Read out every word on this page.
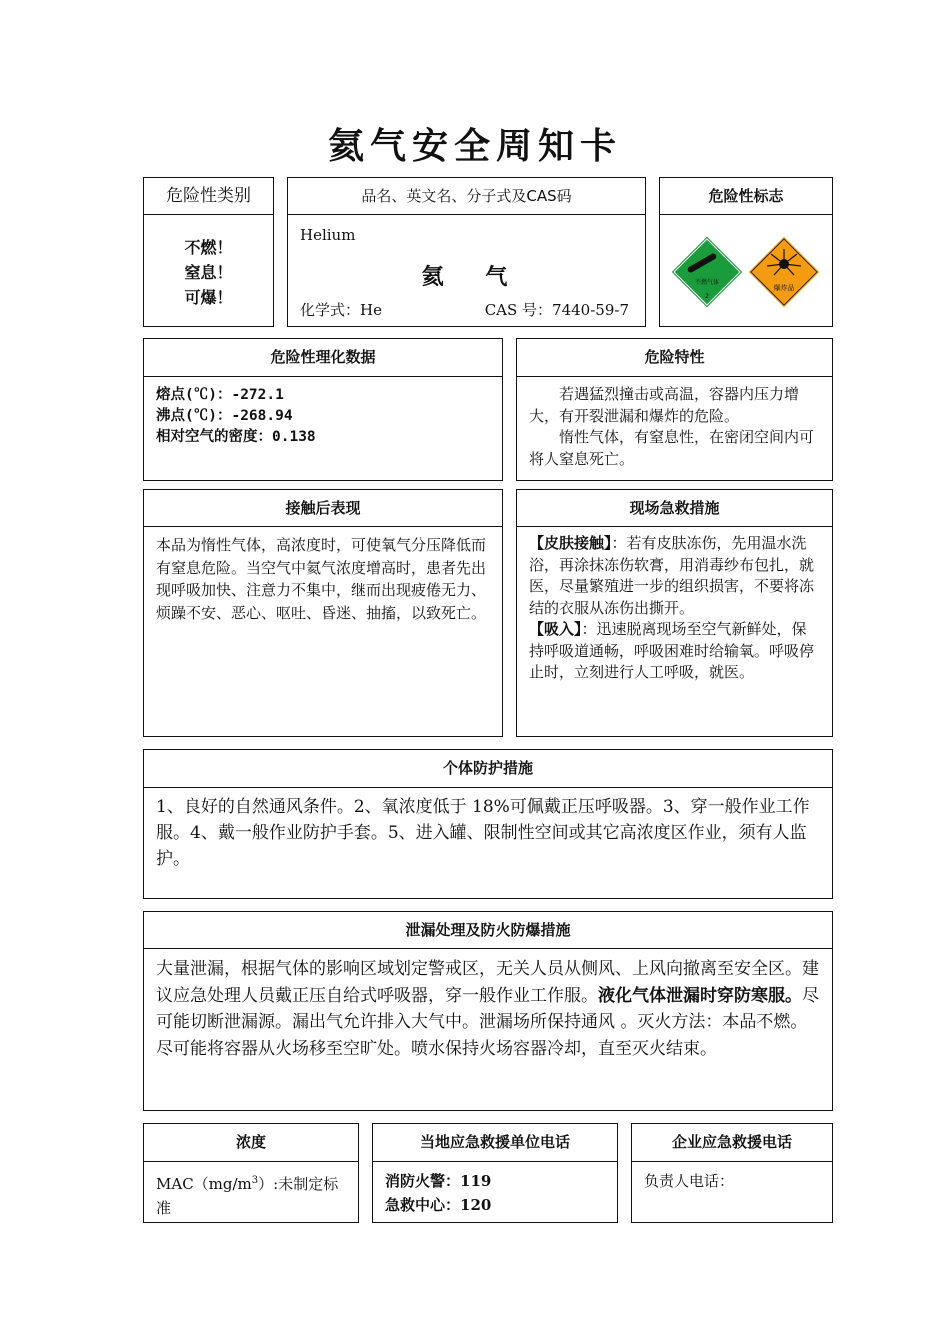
氦气安全周知卡
危险性类别
不燃！
窒息！
可爆！
品名、英文名、分子式及CAS码
Helium
氦　 气
化学式：He	CAS 号：7440-59-7
危险性标志
不燃气体
2
爆炸品
危险性理化数据
熔点(℃)：-272.1
沸点(℃)：-268.94
相对空气的密度：0.138
危险特性

若遇猛烈撞击或高温，容器内压力增大，有开裂泄漏和爆炸的危险。

惰性气体，有窒息性，在密闭空间内可将人窒息死亡。

接触后表现
本品为惰性气体，高浓度时，可使氧气分压降低而有窒息危险。当空气中氦气浓度增高时，患者先出现呼吸加快、注意力不集中，继而出现疲倦无力、烦躁不安、恶心、呕吐、昏迷、抽搐，以致死亡。
现场急救措施

【皮肤接触】：若有皮肤冻伤，先用温水洗浴，再涂抹冻伤软膏，用消毒纱布包扎，就医，尽量繁殖进一步的组织损害，不要将冻结的衣服从冻伤出撕开。

【吸入】：迅速脱离现场至空气新鲜处，保持呼吸道通畅，呼吸困难时给输氧。呼吸停止时，立刻进行人工呼吸，就医。

个体防护措施
1、良好的自然通风条件。2、氧浓度低于 18%可佩戴正压呼吸器。3、穿一般作业工作服。4、戴一般作业防护手套。5、进入罐、限制性空间或其它高浓度区作业，须有人监护。
泄漏处理及防火防爆措施
大量泄漏，根据气体的影响区域划定警戒区，无关人员从侧风、上风向撤离至安全区。建议应急处理人员戴正压自给式呼吸器，穿一般作业工作服。液化气体泄漏时穿防寒服。尽可能切断泄漏源。漏出气允许排入大气中。泄漏场所保持通风 。灭火方法：本品不燃。尽可能将容器从火场移至空旷处。喷水保持火场容器冷却，直至灭火结束。
浓度
$MAC(mg/m^3)$:未制定标准
当地应急救援单位电话
消防火警：119
急救中心：120
企业应急救援电话
负责人电话：
